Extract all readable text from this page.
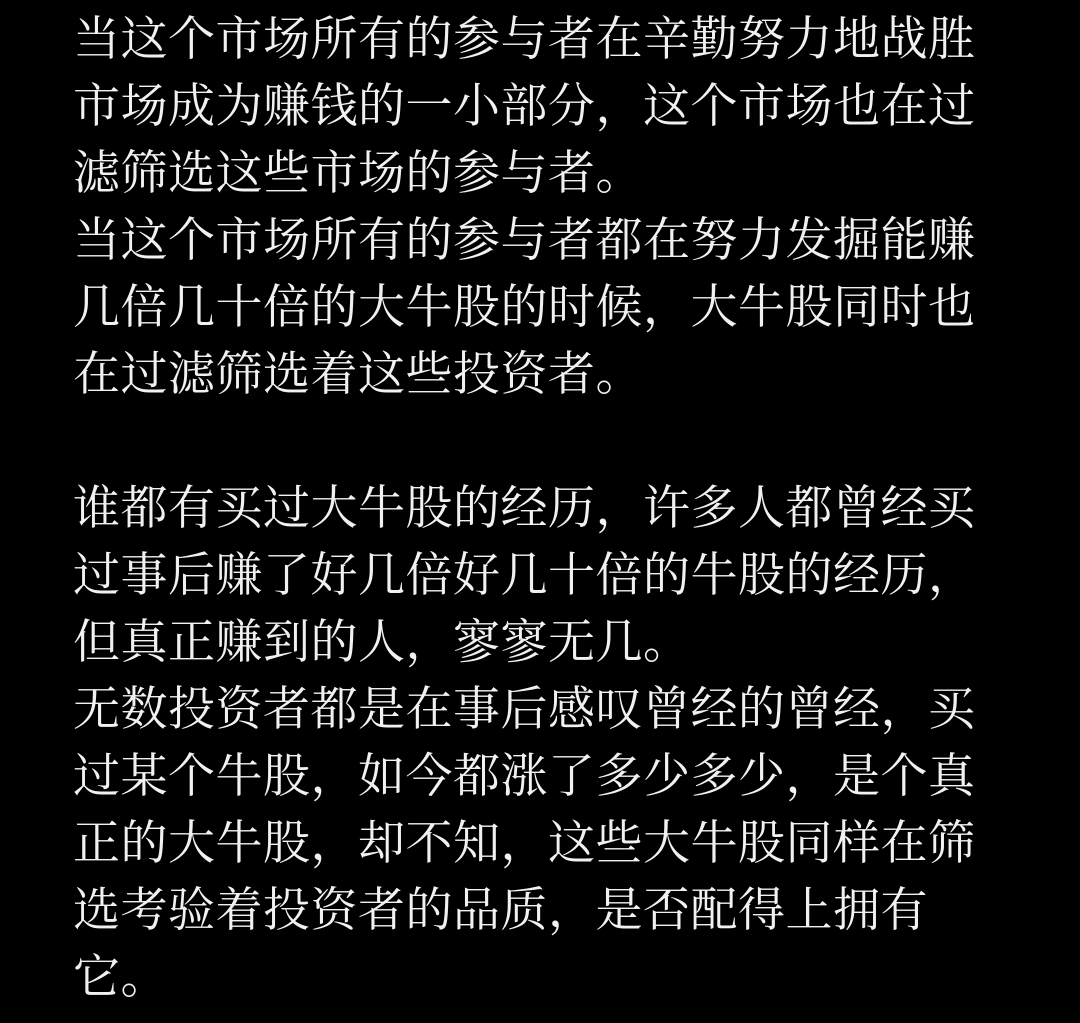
当这个市场所有的参与者在辛勤努力地战胜
市场成为赚钱的一小部分，这个市场也在过
滤筛选这些市场的参与者。
当这个市场所有的参与者都在努力发掘能赚
几倍几十倍的大牛股的时候，大牛股同时也
在过滤筛选着这些投资者。
谁都有买过大牛股的经历，许多人都曾经买
过事后赚了好几倍好几十倍的牛股的经历，
但真正赚到的人，寥寥无几。
无数投资者都是在事后感叹曾经的曾经，买
过某个牛股，如今都涨了多少多少，是个真
正的大牛股，却不知，这些大牛股同样在筛
选考验着投资者的品质，是否配得上拥有
它。
